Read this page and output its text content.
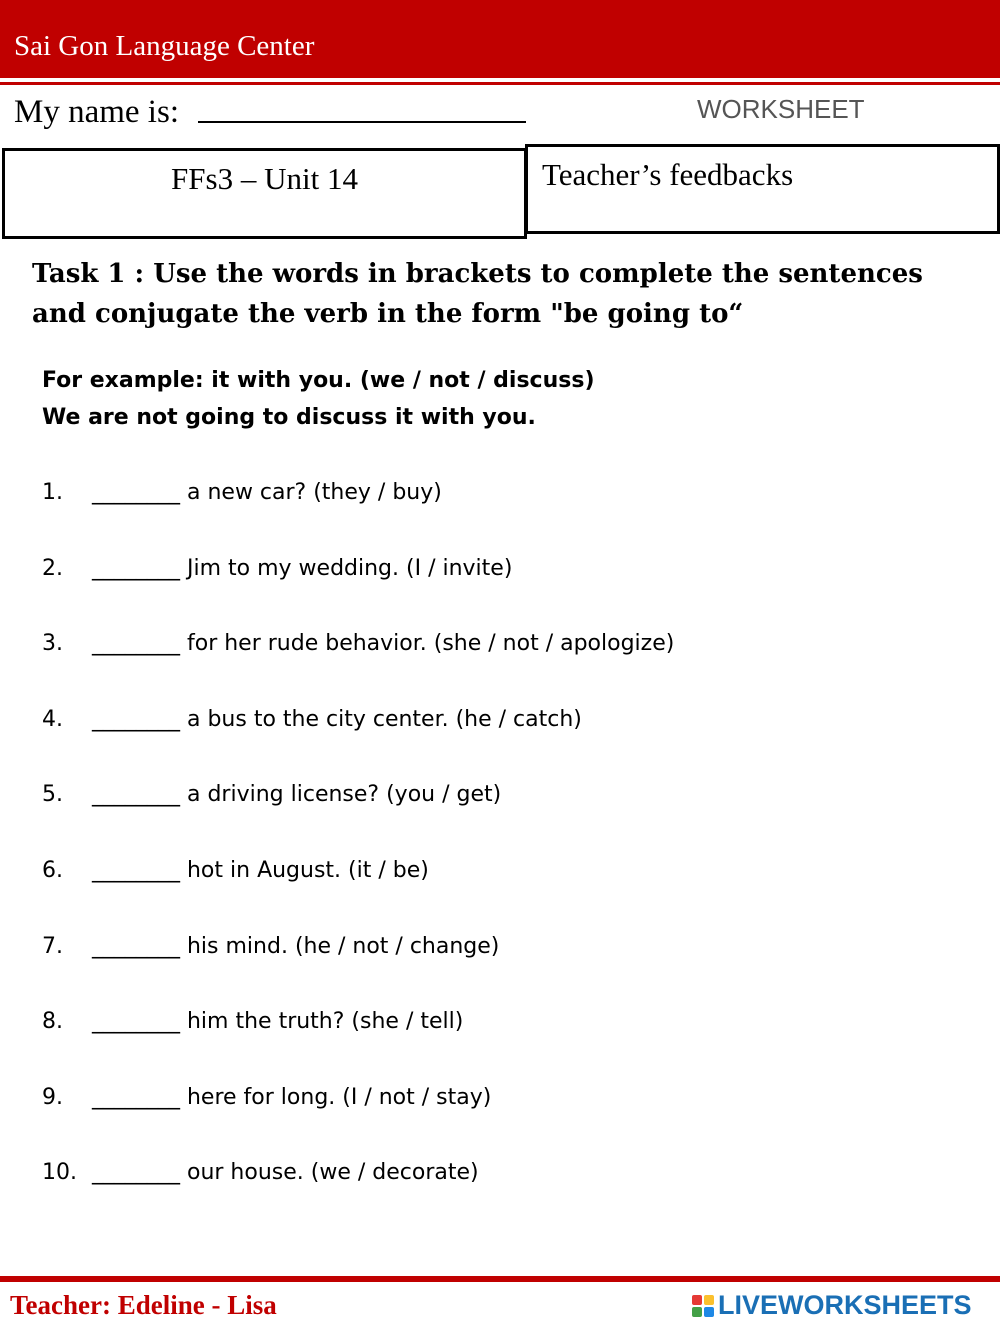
Sai Gon Language Center
My name is:	WORKSHEET
FFs3 – Unit 14	Teacher’s feedbacks
Task 1 : Use the words in brackets to complete the sentences and conjugate the verb in the form "be going to“
For example: it with you. (we / not / discuss)
We are not going to discuss it with you.
1.	________ a new car? (they / buy)
2.	________ Jim to my wedding. (I / invite)
3.	________ for her rude behavior. (she / not / apologize)
4.	________ a bus to the city center. (he / catch)
5.	________ a driving license? (you / get)
6.	________ hot in August. (it / be)
7.	________ his mind. (he / not / change)
8.	________ him the truth? (she / tell)
9.	________ here for long. (I / not / stay)
10. ________ our house. (we / decorate)
Teacher: Edeline - Lisa	LIVEWORKSHEETS
